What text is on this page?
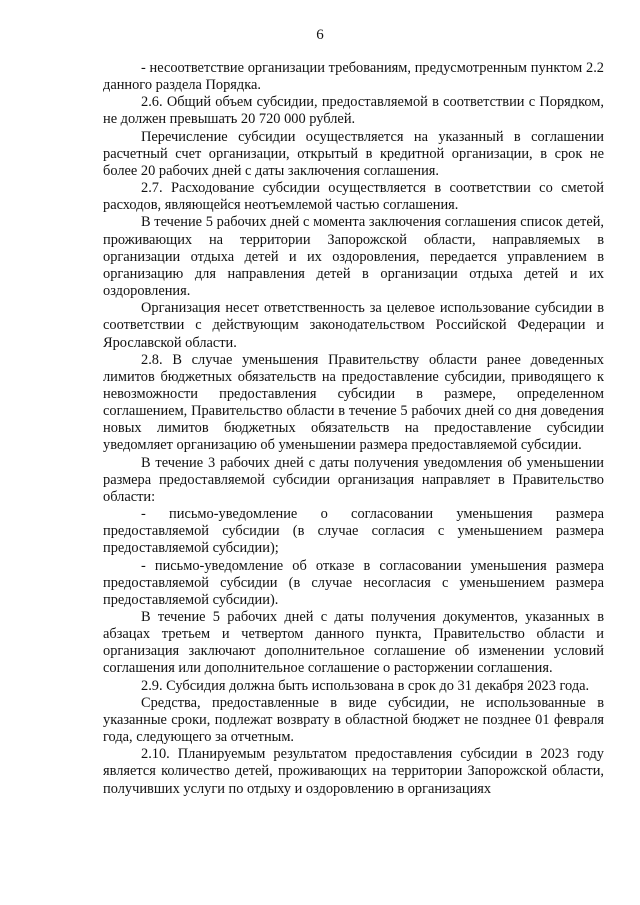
6

- несоответствие организации требованиям, предусмотренным пунктом 2.2 данного раздела Порядка.

2.6. Общий объем субсидии, предоставляемой в соответствии с Порядком, не должен превышать 20 720 000 рублей.

Перечисление субсидии осуществляется на указанный в соглашении расчетный счет организации, открытый в кредитной организации, в срок не более 20 рабочих дней с даты заключения соглашения.

2.7. Расходование субсидии осуществляется в соответствии со сметой расходов, являющейся неотъемлемой частью соглашения.

В течение 5 рабочих дней с момента заключения соглашения список детей, проживающих на территории Запорожской области, направляемых в организации отдыха детей и их оздоровления, передается управлением в организацию для направления детей в организации отдыха детей и их оздоровления.

Организация несет ответственность за целевое использование субсидии в соответствии с действующим законодательством Российской Федерации и Ярославской области.

2.8. В случае уменьшения Правительству области ранее доведенных лимитов бюджетных обязательств на предоставление субсидии, приводящего к невозможности предоставления субсидии в размере, определенном соглашением, Правительство области в течение 5 рабочих дней со дня доведения новых лимитов бюджетных обязательств на предоставление субсидии уведомляет организацию об уменьшении размера предоставляемой субсидии.

В течение 3 рабочих дней с даты получения уведомления об уменьшении размера предоставляемой субсидии организация направляет в Правительство области:

- письмо-уведомление о согласовании уменьшения размера предоставляемой субсидии (в случае согласия с уменьшением размера предоставляемой субсидии);

- письмо-уведомление об отказе в согласовании уменьшения размера предоставляемой субсидии (в случае несогласия с уменьшением размера предоставляемой субсидии).

В течение 5 рабочих дней с даты получения документов, указанных в абзацах третьем и четвертом данного пункта, Правительство области и организация заключают дополнительное соглашение об изменении условий соглашения или дополнительное соглашение о расторжении соглашения.

2.9. Субсидия должна быть использована в срок до 31 декабря 2023 года.

Средства, предоставленные в виде субсидии, не использованные в указанные сроки, подлежат возврату в областной бюджет не позднее 01 февраля года, следующего за отчетным.

2.10. Планируемым результатом предоставления субсидии в 2023 году является количество детей, проживающих на территории Запорожской области, получивших услуги по отдыху и оздоровлению в организациях
